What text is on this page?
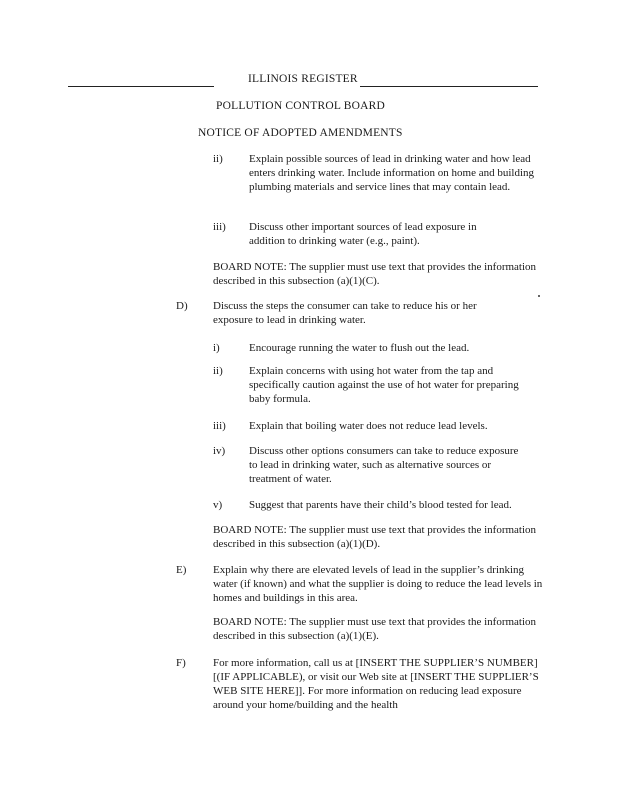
ILLINOIS REGISTER
POLLUTION CONTROL BOARD
NOTICE OF ADOPTED AMENDMENTS
ii) Explain possible sources of lead in drinking water and how lead enters drinking water. Include information on home and building plumbing materials and service lines that may contain lead.
iii) Discuss other important sources of lead exposure in addition to drinking water (e.g., paint).
BOARD NOTE: The supplier must use text that provides the information described in this subsection (a)(1)(C).
D) Discuss the steps the consumer can take to reduce his or her exposure to lead in drinking water.
i)	Encourage running the water to flush out the lead.
ii) Explain concerns with using hot water from the tap and specifically caution against the use of hot water for preparing baby formula.
iii) Explain that boiling water does not reduce lead levels.
iv) Discuss other options consumers can take to reduce exposure to lead in drinking water, such as alternative sources or treatment of water.
v) Suggest that parents have their child’s blood tested for lead.
BOARD NOTE: The supplier must use text that provides the information described in this subsection (a)(1)(D).
E) Explain why there are elevated levels of lead in the supplier’s drinking water (if known) and what the supplier is doing to reduce the lead levels in homes and buildings in this area.
BOARD NOTE: The supplier must use text that provides the information described in this subsection (a)(1)(E).
F) For more information, call us at [INSERT THE SUPPLIER’S NUMBER] [(IF APPLICABLE), or visit our Web site at [INSERT THE SUPPLIER’S WEB SITE HERE]]. For more information on reducing lead exposure around your home/building and the health
